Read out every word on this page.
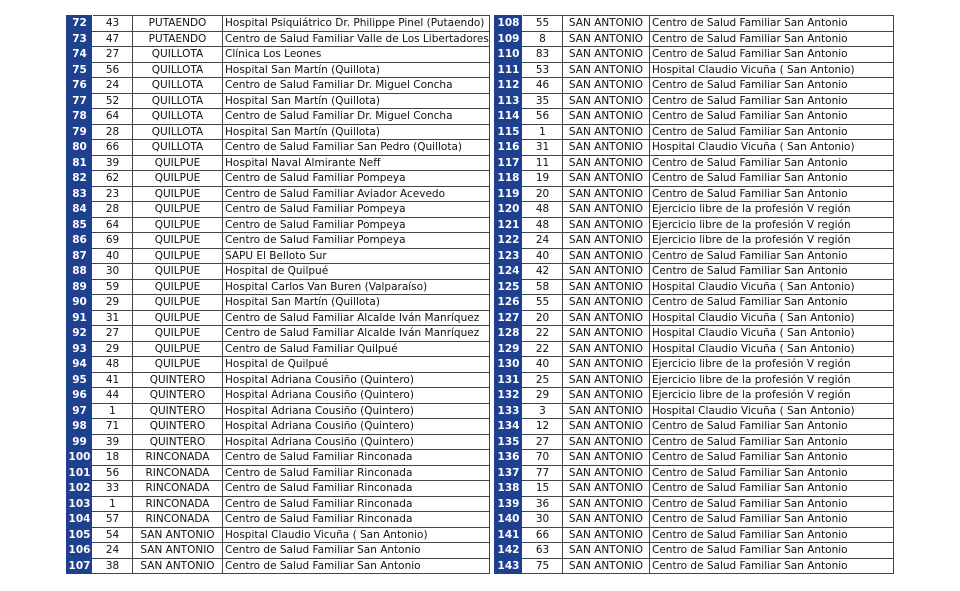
72	43	PUTAENDO	Hospital Psiquiátrico Dr. Philippe Pinel (Putaendo)
73	47	PUTAENDO	Centro de Salud Familiar Valle de Los Libertadores
74	27	QUILLOTA	Clínica Los Leones
75	56	QUILLOTA	Hospital San Martín (Quillota)
76	24	QUILLOTA	Centro de Salud Familiar Dr. Miguel Concha
77	52	QUILLOTA	Hospital San Martín (Quillota)
78	64	QUILLOTA	Centro de Salud Familiar Dr. Miguel Concha
79	28	QUILLOTA	Hospital San Martín (Quillota)
80	66	QUILLOTA	Centro de Salud Familiar San Pedro (Quillota)
81	39	QUILPUE	Hospital Naval Almirante Neff
82	62	QUILPUE	Centro de Salud Familiar Pompeya
83	23	QUILPUE	Centro de Salud Familiar Aviador Acevedo
84	28	QUILPUE	Centro de Salud Familiar Pompeya
85	64	QUILPUE	Centro de Salud Familiar Pompeya
86	69	QUILPUE	Centro de Salud Familiar Pompeya
87	40	QUILPUE	SAPU El Belloto Sur
88	30	QUILPUE	Hospital de Quilpué
89	59	QUILPUE	Hospital Carlos Van Buren (Valparaíso)
90	29	QUILPUE	Hospital San Martín (Quillota)
91	31	QUILPUE	Centro de Salud Familiar Alcalde Iván Manríquez
92	27	QUILPUE	Centro de Salud Familiar Alcalde Iván Manríquez
93	29	QUILPUE	Centro de Salud Familiar Quilpué
94	48	QUILPUE	Hospital de Quilpué
95	41	QUINTERO	Hospital Adriana Cousiño (Quintero)
96	44	QUINTERO	Hospital Adriana Cousiño (Quintero)
97	1	QUINTERO	Hospital Adriana Cousiño (Quintero)
98	71	QUINTERO	Hospital Adriana Cousiño (Quintero)
99	39	QUINTERO	Hospital Adriana Cousiño (Quintero)
100	18	RINCONADA	Centro de Salud Familiar Rinconada
101	56	RINCONADA	Centro de Salud Familiar Rinconada
102	33	RINCONADA	Centro de Salud Familiar Rinconada
103	1	RINCONADA	Centro de Salud Familiar Rinconada
104	57	RINCONADA	Centro de Salud Familiar Rinconada
105	54	SAN ANTONIO	Hospital Claudio Vicuña ( San Antonio)
106	24	SAN ANTONIO	Centro de Salud Familiar San Antonio
107	38	SAN ANTONIO	Centro de Salud Familiar San Antonio
108	55	SAN ANTONIO	Centro de Salud Familiar San Antonio
109	8	SAN ANTONIO	Centro de Salud Familiar San Antonio
110	83	SAN ANTONIO	Centro de Salud Familiar San Antonio
111	53	SAN ANTONIO	Hospital Claudio Vicuña ( San Antonio)
112	46	SAN ANTONIO	Centro de Salud Familiar San Antonio
113	35	SAN ANTONIO	Centro de Salud Familiar San Antonio
114	56	SAN ANTONIO	Centro de Salud Familiar San Antonio
115	1	SAN ANTONIO	Centro de Salud Familiar San Antonio
116	31	SAN ANTONIO	Hospital Claudio Vicuña ( San Antonio)
117	11	SAN ANTONIO	Centro de Salud Familiar San Antonio
118	19	SAN ANTONIO	Centro de Salud Familiar San Antonio
119	20	SAN ANTONIO	Centro de Salud Familiar San Antonio
120	48	SAN ANTONIO	Ejercicio libre de la profesión V región
121	48	SAN ANTONIO	Ejercicio libre de la profesión V región
122	24	SAN ANTONIO	Ejercicio libre de la profesión V región
123	40	SAN ANTONIO	Centro de Salud Familiar San Antonio
124	42	SAN ANTONIO	Centro de Salud Familiar San Antonio
125	58	SAN ANTONIO	Hospital Claudio Vicuña ( San Antonio)
126	55	SAN ANTONIO	Centro de Salud Familiar San Antonio
127	20	SAN ANTONIO	Hospital Claudio Vicuña ( San Antonio)
128	22	SAN ANTONIO	Hospital Claudio Vicuña ( San Antonio)
129	22	SAN ANTONIO	Hospital Claudio Vicuña ( San Antonio)
130	40	SAN ANTONIO	Ejercicio libre de la profesión V región
131	25	SAN ANTONIO	Ejercicio libre de la profesión V región
132	29	SAN ANTONIO	Ejercicio libre de la profesión V región
133	3	SAN ANTONIO	Hospital Claudio Vicuña ( San Antonio)
134	12	SAN ANTONIO	Centro de Salud Familiar San Antonio
135	27	SAN ANTONIO	Centro de Salud Familiar San Antonio
136	70	SAN ANTONIO	Centro de Salud Familiar San Antonio
137	77	SAN ANTONIO	Centro de Salud Familiar San Antonio
138	15	SAN ANTONIO	Centro de Salud Familiar San Antonio
139	36	SAN ANTONIO	Centro de Salud Familiar San Antonio
140	30	SAN ANTONIO	Centro de Salud Familiar San Antonio
141	66	SAN ANTONIO	Centro de Salud Familiar San Antonio
142	63	SAN ANTONIO	Centro de Salud Familiar San Antonio
143	75	SAN ANTONIO	Centro de Salud Familiar San Antonio
